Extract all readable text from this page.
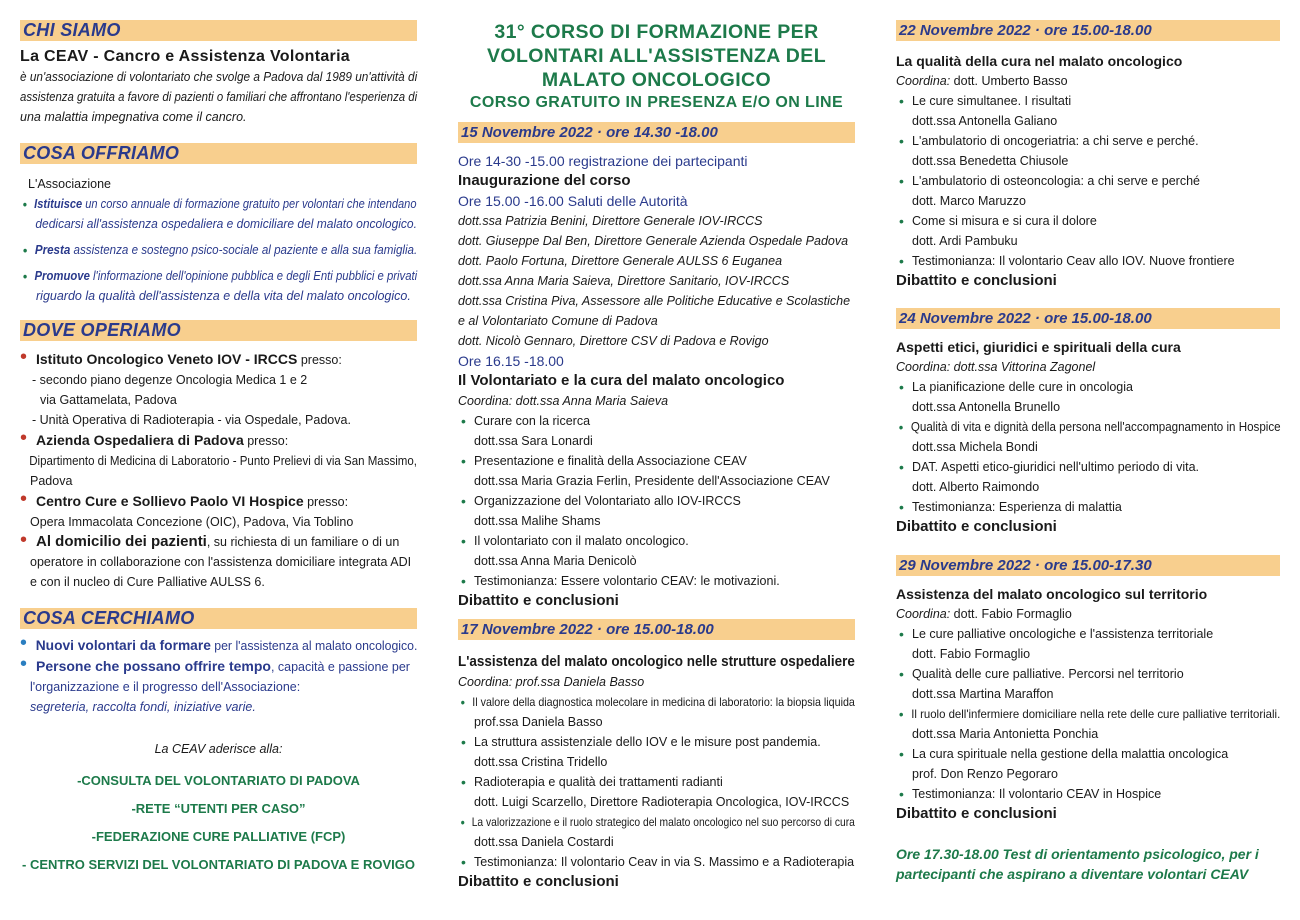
CHI SIAMO
La CEAV - Cancro e Assistenza Volontaria
è un'associazione di volontariato che svolge a Padova dal 1989 un'attività di
assistenza gratuita a favore di pazienti o familiari che affrontano l'esperienza di
una malattia impegnativa come il cancro.
COSA OFFRIAMO
L'Associazione
• Istituisce un corso annuale di formazione gratuito per volontari che intendano
dedicarsi all'assistenza ospedaliera e domiciliare del malato oncologico.
• Presta assistenza e sostegno psico-sociale al paziente e alla sua famiglia.
• Promuove l'informazione dell'opinione pubblica e degli Enti pubblici e privati
riguardo la qualità dell'assistenza e della vita del malato oncologico.
DOVE OPERIAMO
• Istituto Oncologico Veneto IOV - IRCCS presso:
- secondo piano degenze Oncologia Medica 1 e 2
via Gattamelata, Padova
- Unità Operativa di Radioterapia - via Ospedale, Padova.
• Azienda Ospedaliera di Padova presso:
Dipartimento di Medicina di Laboratorio - Punto Prelievi di via San Massimo,
Padova
• Centro Cure e Sollievo Paolo VI Hospice presso:
Opera Immacolata Concezione (OIC), Padova, Via Toblino
• Al domicilio dei pazienti, su richiesta di un familiare o di un
operatore in collaborazione con l'assistenza domiciliare integrata ADI
e con il nucleo di Cure Palliative AULSS 6.
COSA CERCHIAMO
• Nuovi volontari da formare per l'assistenza al malato oncologico.
• Persone che possano offrire tempo, capacità e passione per
l'organizzazione e il progresso dell'Associazione:
segreteria, raccolta fondi, iniziative varie.
La CEAV aderisce alla:
-CONSULTA DEL VOLONTARIATO DI PADOVA
-RETE “UTENTI PER CASO”
-FEDERAZIONE CURE PALLIATIVE (FCP)
- CENTRO SERVIZI DEL VOLONTARIATO DI PADOVA E ROVIGO
31° CORSO DI FORMAZIONE PER
VOLONTARI ALL'ASSISTENZA DEL
MALATO ONCOLOGICO
CORSO GRATUITO IN PRESENZA E/O ON LINE
15 Novembre 2022 · ore 14.30 -18.00
Ore 14-30 -15.00 registrazione dei partecipanti
Inaugurazione del corso
Ore 15.00 -16.00 Saluti delle Autorità
dott.ssa Patrizia Benini, Direttore Generale IOV-IRCCS
dott. Giuseppe Dal Ben, Direttore Generale Azienda Ospedale Padova
dott. Paolo Fortuna, Direttore Generale AULSS 6 Euganea
dott.ssa Anna Maria Saieva, Direttore Sanitario, IOV-IRCCS
dott.ssa Cristina Piva, Assessore alle Politiche Educative e Scolastiche
e al Volontariato Comune di Padova
dott. Nicolò Gennaro, Direttore CSV di Padova e Rovigo
Ore 16.15 -18.00
Il Volontariato e la cura del malato oncologico
Coordina: dott.ssa Anna Maria Saieva
• Curare con la ricerca
dott.ssa Sara Lonardi
• Presentazione e finalità della Associazione CEAV
dott.ssa Maria Grazia Ferlin, Presidente dell'Associazione CEAV
• Organizzazione del Volontariato allo IOV-IRCCS
dott.ssa Malihe Shams
• Il volontariato con il malato oncologico.
dott.ssa Anna Maria Denicolò
• Testimonianza: Essere volontario CEAV: le motivazioni.
Dibattito e conclusioni
17 Novembre 2022 · ore 15.00-18.00
L'assistenza del malato oncologico nelle strutture ospedaliere
Coordina: prof.ssa Daniela Basso
• Il valore della diagnostica molecolare in medicina di laboratorio: la biopsia liquida
prof.ssa Daniela Basso
• La struttura assistenziale dello IOV e le misure post pandemia.
dott.ssa Cristina Tridello
• Radioterapia e qualità dei trattamenti radianti
dott. Luigi Scarzello, Direttore Radioterapia Oncologica, IOV-IRCCS
• La valorizzazione e il ruolo strategico del malato oncologico nel suo percorso di cura
dott.ssa Daniela Costardi
• Testimonianza: Il volontario Ceav in via S. Massimo e a Radioterapia
Dibattito e conclusioni
22 Novembre 2022 · ore 15.00-18.00
La qualità della cura nel malato oncologico
Coordina: dott. Umberto Basso
• Le cure simultanee. I risultati
dott.ssa Antonella Galiano
• L'ambulatorio di oncogeriatria: a chi serve e perché.
dott.ssa Benedetta Chiusole
• L'ambulatorio di osteoncologia: a chi serve e perché
dott. Marco Maruzzo
• Come si misura e si cura il dolore
dott. Ardi Pambuku
• Testimonianza: Il volontario Ceav allo IOV. Nuove frontiere
Dibattito e conclusioni
24 Novembre 2022 · ore 15.00-18.00
Aspetti etici, giuridici e spirituali della cura
Coordina: dott.ssa Vittorina Zagonel
• La pianificazione delle cure in oncologia
dott.ssa Antonella Brunello
• Qualità di vita e dignità della persona nell'accompagnamento in Hospice
dott.ssa Michela Bondi
• DAT. Aspetti etico-giuridici nell'ultimo periodo di vita.
dott. Alberto Raimondo
• Testimonianza: Esperienza di malattia
Dibattito e conclusioni
29 Novembre 2022 · ore 15.00-17.30
Assistenza del malato oncologico sul territorio
Coordina: dott. Fabio Formaglio
• Le cure palliative oncologiche e l'assistenza territoriale
dott. Fabio Formaglio
• Qualità delle cure palliative. Percorsi nel territorio
dott.ssa Martina Maraffon
• Il ruolo dell'infermiere domiciliare nella rete delle cure palliative territoriali.
dott.ssa Maria Antonietta Ponchia
• La cura spirituale nella gestione della malattia oncologica
prof. Don Renzo Pegoraro
• Testimonianza: Il volontario CEAV in Hospice
Dibattito e conclusioni
Ore 17.30-18.00 Test di orientamento psicologico, per i
partecipanti che aspirano a diventare volontari CEAV
